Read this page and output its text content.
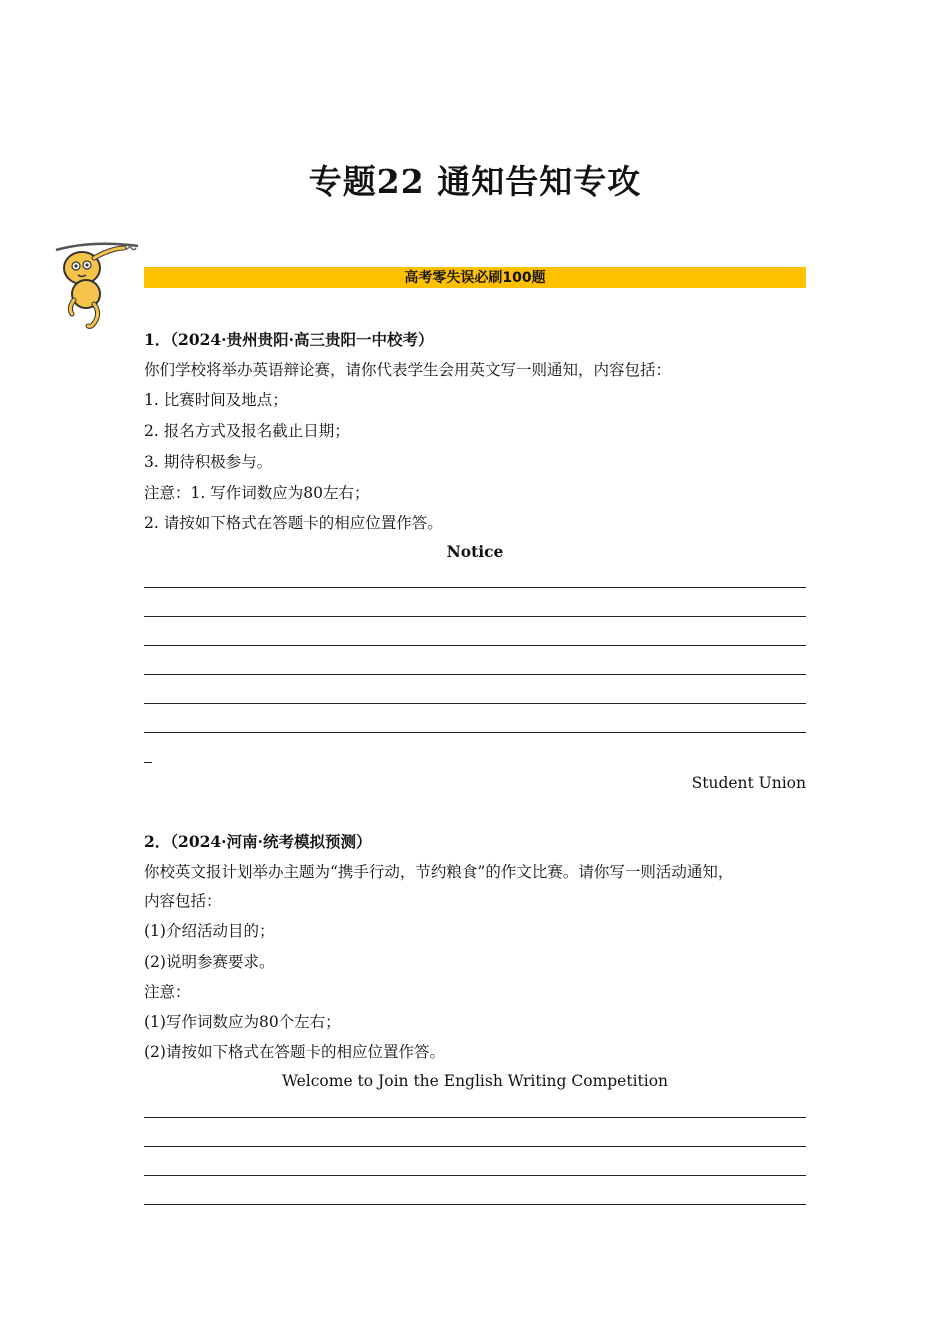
专题22 通知告知专攻
高考零失误必刷100题
1．（2024·贵州贵阳·高三贵阳一中校考）
你们学校将举办英语辩论赛，请你代表学生会用英文写一则通知，内容包括：
1. 比赛时间及地点；
2. 报名方式及报名截止日期；
3. 期待积极参与。
注意：1. 写作词数应为80左右；
2. 请按如下格式在答题卡的相应位置作答。
Notice
Student Union
2．（2024·河南·统考模拟预测）
你校英文报计划举办主题为“携手行动，节约粮食”的作文比赛。请你写一则活动通知，
内容包括：
(1)介绍活动目的；
(2)说明参赛要求。
注意：
(1)写作词数应为80个左右；
(2)请按如下格式在答题卡的相应位置作答。
Welcome to Join the English Writing Competition
